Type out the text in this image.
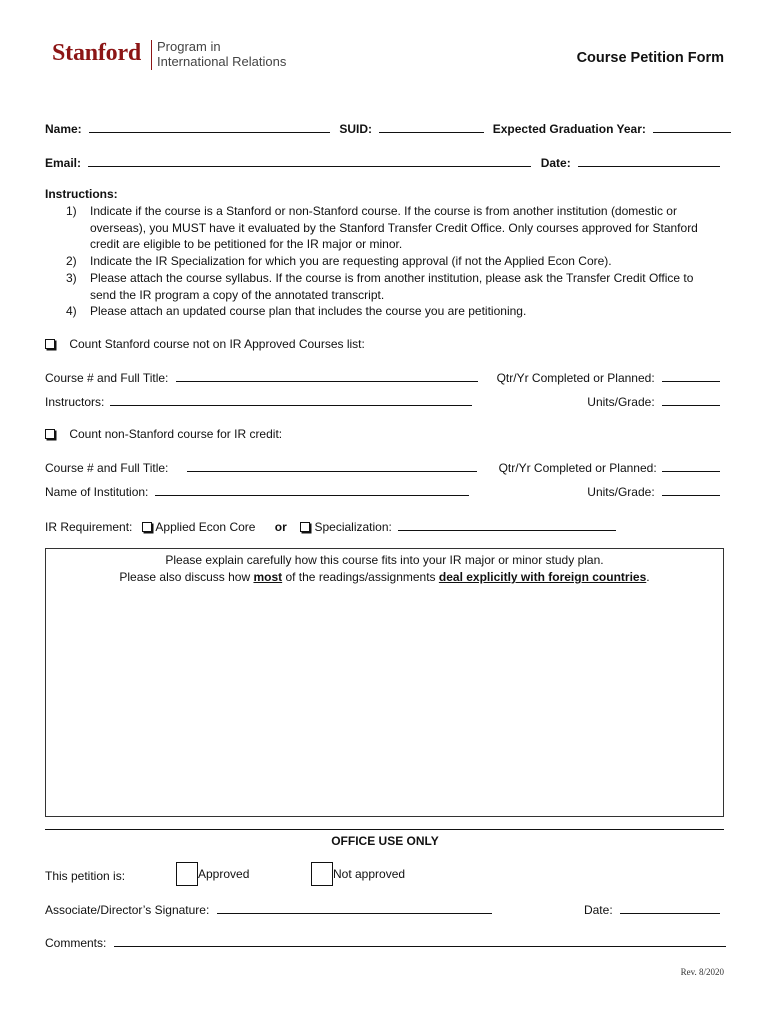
Stanford Program in
International Relations	Course Petition Form
Name:	SUID:	Expected Graduation Year:
Email:	Date:
Instructions:
1)	Indicate if the course is a Stanford or non-Stanford course. If the course is from another institution (domestic or overseas), you MUST have it evaluated by the Stanford Transfer Credit Office. Only courses approved for Stanford credit are eligible to be petitioned for the IR major or minor.
2)	Indicate the IR Specialization for which you are requesting approval (if not the Applied Econ Core).
3)	Please attach the course syllabus. If the course is from another institution, please ask the Transfer Credit Office to send the IR program a copy of the annotated transcript.
4)	Please attach an updated course plan that includes the course you are petitioning.
Count Stanford course not on IR Approved Courses list:
Course # and Full Title:	Qtr/Yr Completed or Planned:
Instructors:	Units/Grade:
Count non-Stanford course for IR credit:
Course # and Full Title:	Qtr/Yr Completed or Planned:
Name of Institution:	Units/Grade:
IR Requirement: Applied Econ Core or Specialization:
Please explain carefully how this course fits into your IR major or minor study plan.
Please also discuss how most of the readings/assignments deal explicitly with foreign countries.
OFFICE USE ONLY
This petition is:	Approved	Not approved
Associate/Director’s Signature:	Date:
Comments:
Rev. 8/2020
